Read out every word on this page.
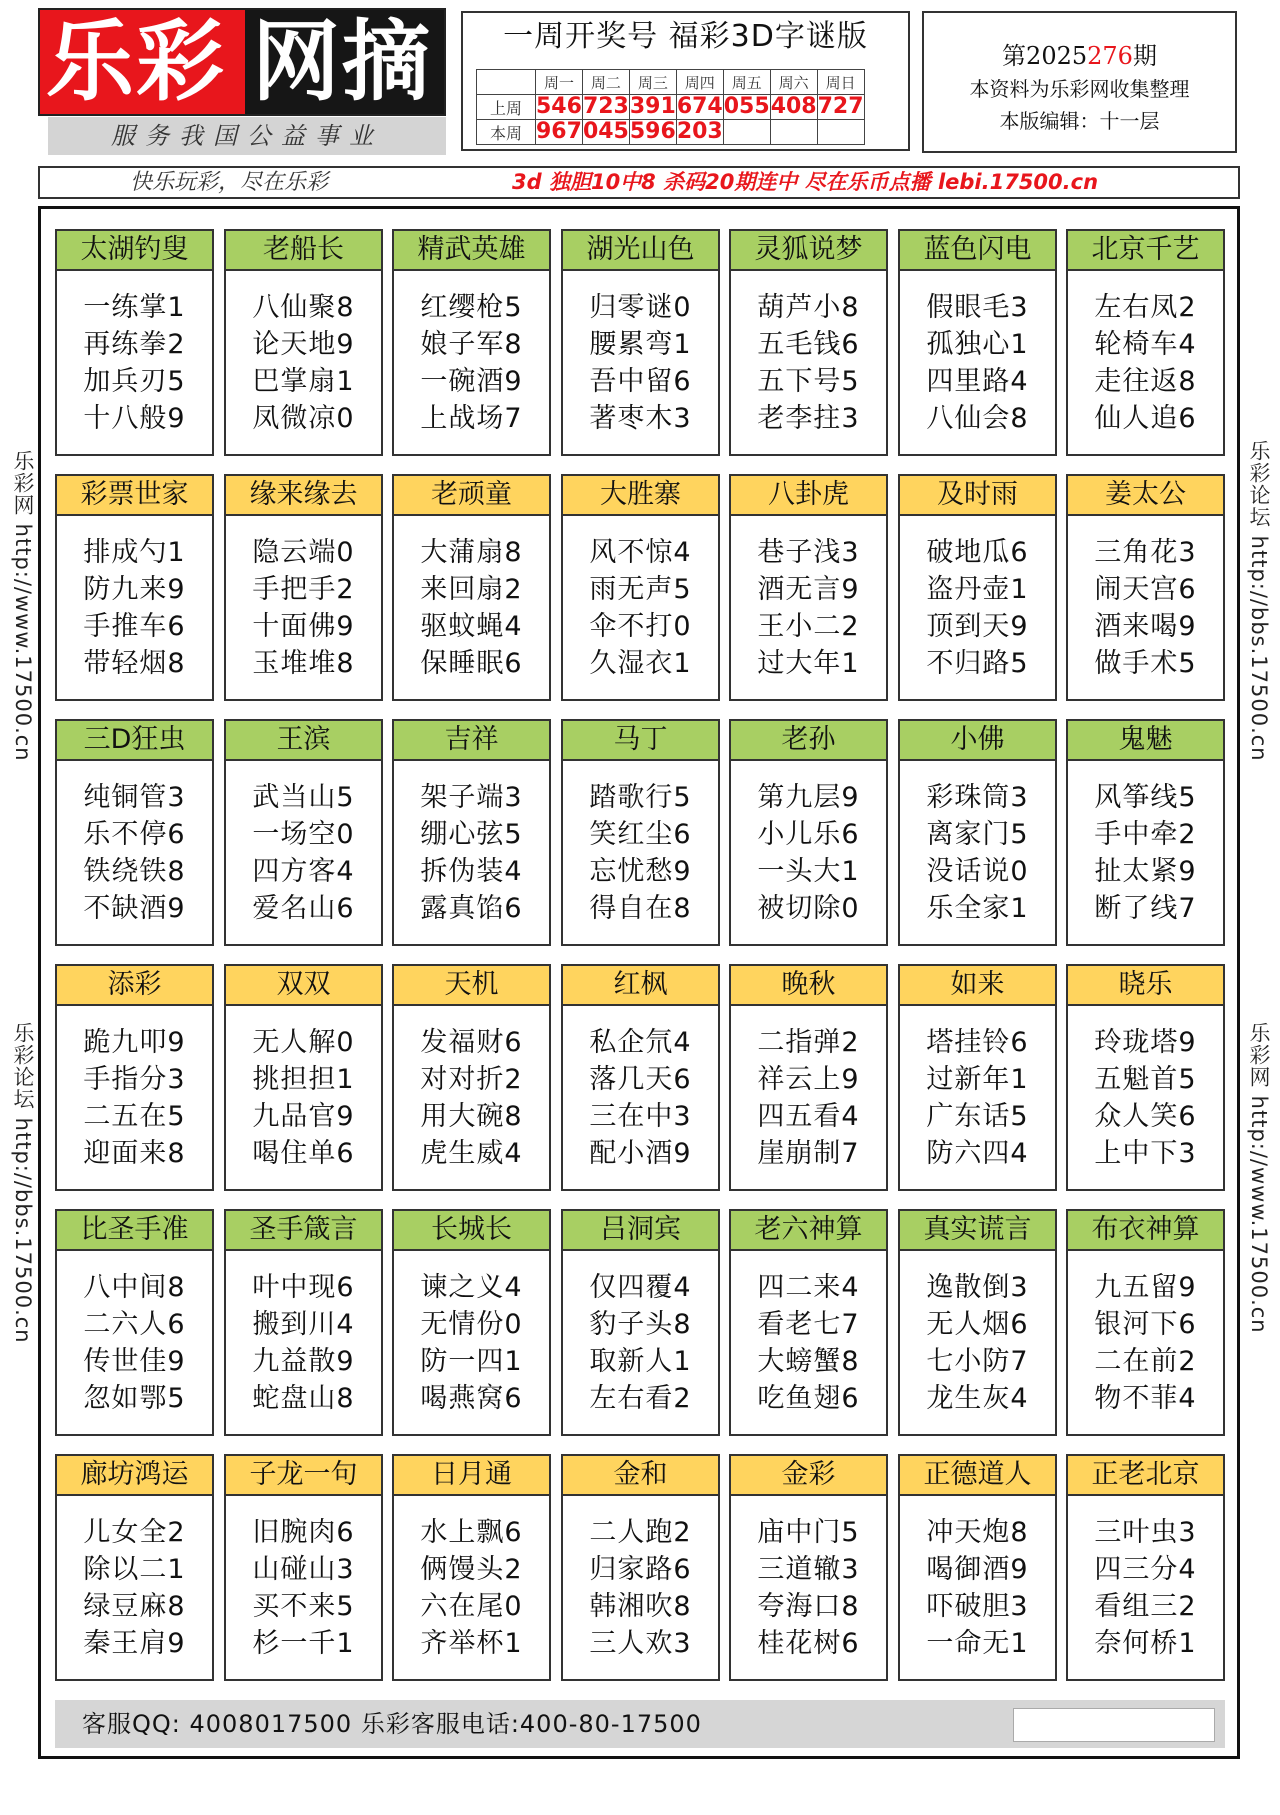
乐彩 网摘
服务我国公益事业
一周开奖号 福彩3D字谜版
	周一	周二	周三	周四	周五	周六	周日
上周	546	723	391	674	055	408	727
本周	967	045	596	203			
第2025276期
本资料为乐彩网收集整理
本版编辑：十一层
快乐玩彩，尽在乐彩	3d 独胆10中8 杀码20期连中 尽在乐币点播 lebi.17500.cn
乐彩网 http://www.17500.cn
乐彩论坛 http://bbs.17500.cn
乐彩论坛 http://bbs.17500.cn
乐彩网 http://www.17500.cn
太湖钓叟
一练掌1
再练拳2
加兵刃5
十八般9
老船长
八仙聚8
论天地9
巴掌扇1
凤微凉0
精武英雄
红缨枪5
娘子军8
一碗酒9
上战场7
湖光山色
归零谜0
腰累弯1
吾中留6
著枣木3
灵狐说梦
葫芦小8
五毛钱6
五下号5
老李拄3
蓝色闪电
假眼毛3
孤独心1
四里路4
八仙会8
北京千艺
左右凤2
轮椅车4
走往返8
仙人追6
彩票世家
排成勺1
防九来9
手推车6
带轻烟8
缘来缘去
隐云端0
手把手2
十面佛9
玉堆堆8
老顽童
大蒲扇8
来回扇2
驱蚊蝇4
保睡眠6
大胜寨
风不惊4
雨无声5
伞不打0
久湿衣1
八卦虎
巷子浅3
酒无言9
王小二2
过大年1
及时雨
破地瓜6
盗丹壶1
顶到天9
不归路5
姜太公
三角花3
闹天宫6
酒来喝9
做手术5
三D狂虫
纯铜管3
乐不停6
铁绕铁8
不缺酒9
王滨
武当山5
一场空0
四方客4
爱名山6
吉祥
架子端3
绷心弦5
拆伪装4
露真馅6
马丁
踏歌行5
笑红尘6
忘忧愁9
得自在8
老孙
第九层9
小儿乐6
一头大1
被切除0
小佛
彩珠筒3
离家门5
没话说0
乐全家1
鬼魅
风筝线5
手中牵2
扯太紧9
断了线7
添彩
跪九叩9
手指分3
二五在5
迎面来8
双双
无人解0
挑担担1
九品官9
喝住单6
天机
发福财6
对对折2
用大碗8
虎生威4
红枫
私企氘4
落几天6
三在中3
配小酒9
晚秋
二指弹2
祥云上9
四五看4
崖崩制7
如来
塔挂铃6
过新年1
广东话5
防六四4
晓乐
玲珑塔9
五魁首5
众人笑6
上中下3
比圣手准
八中间8
二六人6
传世佳9
忽如鄂5
圣手箴言
叶中现6
搬到川4
九益散9
蛇盘山8
长城长
谏之义4
无情份0
防一四1
喝燕窝6
吕洞宾
仅四覆4
豹子头8
取新人1
左右看2
老六神算
四二来4
看老七7
大螃蟹8
吃鱼翅6
真实谎言
逸散倒3
无人烟6
七小防7
龙生灰4
布衣神算
九五留9
银河下6
二在前2
物不菲4
廊坊鸿运
儿女全2
除以二1
绿豆麻8
秦王肩9
子龙一句
旧腕肉6
山碰山3
买不来5
杉一千1
日月通
水上飘6
俩馒头2
六在尾0
齐举杯1
金和
二人跑2
归家路6
韩湘吹8
三人欢3
金彩
庙中门5
三道辙3
夸海口8
桂花树6
正德道人
冲天炮8
喝御酒9
吓破胆3
一命无1
正老北京
三叶虫3
四三分4
看组三2
奈何桥1
客服QQ: 4008017500 乐彩客服电话:400-80-17500
